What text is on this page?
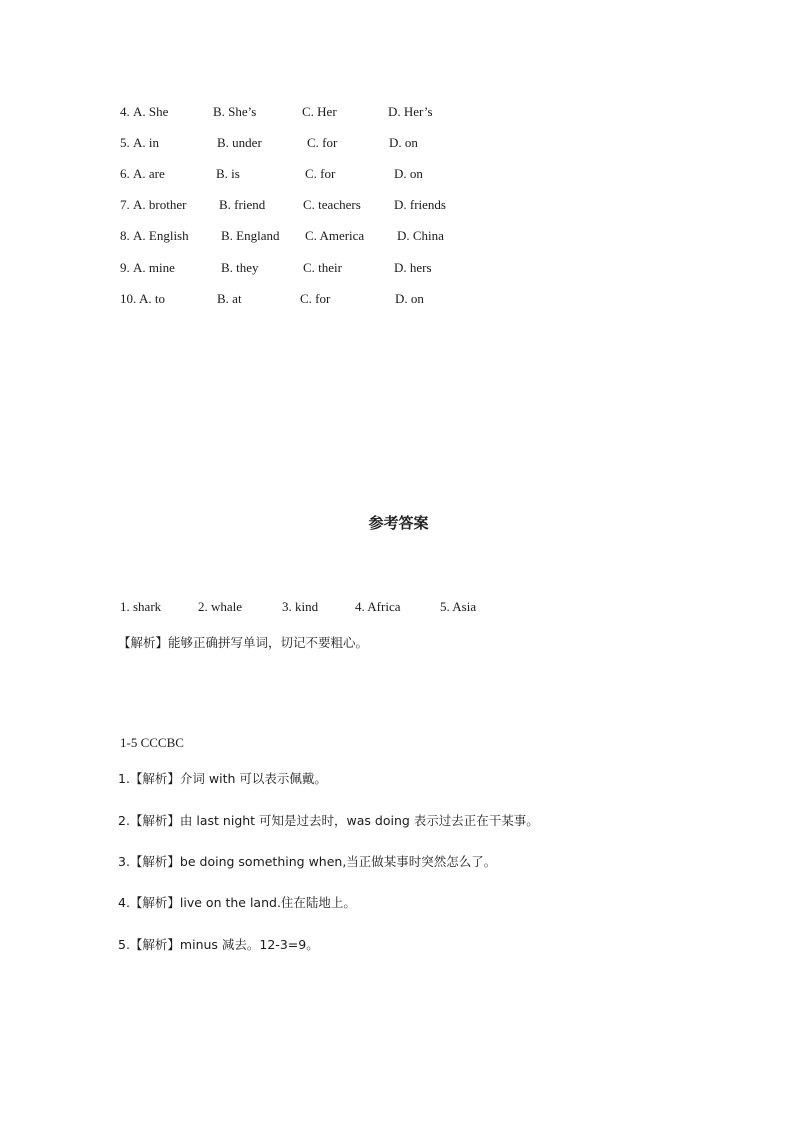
4. A. She	B. She’s	C. Her	D. Her’s
5. A. in	B. under	C. for	D. on
6. A. are	B. is	C. for	D. on
7. A. brother	B. friend	C. teachers	D. friends
8. A. English B. England C. America	D. China
9. A. mine	B. they	C. their	D. hers
10. A. to	B. at	C. for	D. on
参考答案
1. shark	2. whale	3. kind	4. Africa	5. Asia
【解析】能够正确拼写单词，切记不要粗心。
1-5 CCCBC
1.【解析】介词 with 可以表示佩戴。
2.【解析】由 last night 可知是过去时，was doing 表示过去正在干某事。
3.【解析】be doing something when,当正做某事时突然怎么了。
4.【解析】live on the land.住在陆地上。
5.【解析】minus 减去。12-3=9。
